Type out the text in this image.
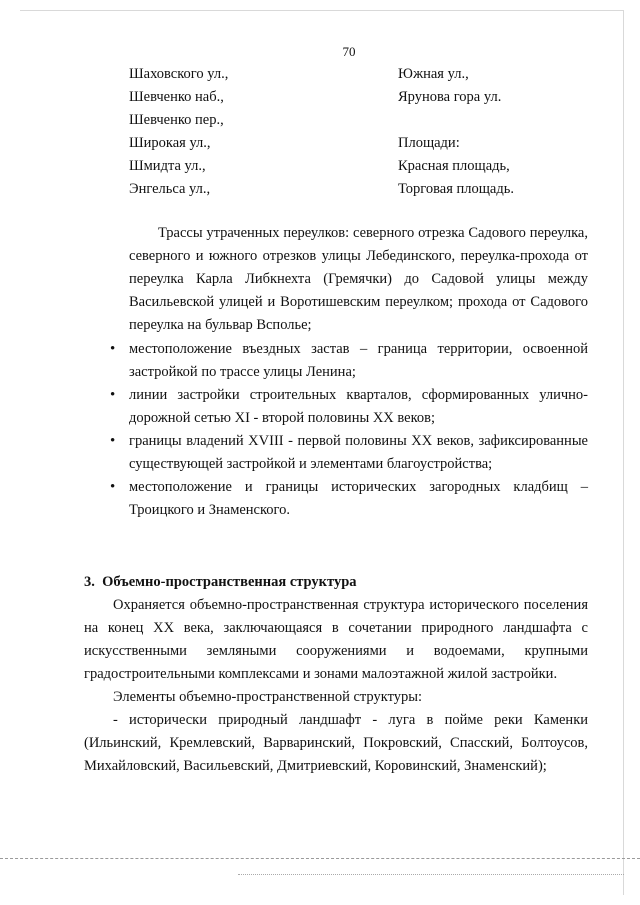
70
Шаховского ул.,
Шевченко наб.,
Шевченко пер.,
Широкая ул.,
Шмидта ул.,
Энгельса ул.,
Южная ул.,
Ярунова гора ул.
Площади:
Красная площадь,
Торговая площадь.
Трассы утраченных переулков: северного отрезка Садового переулка, северного и южного отрезков улицы Лебединского, переулка-прохода от переулка Карла Либкнехта (Гремячки) до Садовой улицы между Васильевской улицей и Воротишевским переулком; прохода от Садового переулка на бульвар Вспольe;
• местоположение въездных застав – граница территории, освоенной застройкой по трассе улицы Ленина;
• линии застройки строительных кварталов, сформированных улично-дорожной сетью XI - второй половины XX веков;
• границы владений XVIII - первой половины XX веков, зафиксированные существующей застройкой и элементами благоустройства;
• местоположение и границы исторических загородных кладбищ – Троицкого и Знаменского.
3. Объемно-пространственная структура

Охраняется объемно-пространственная структура исторического поселения на конец XX века, заключающаяся в сочетании природного ландшафта с искусственными земляными сооружениями и водоемами, крупными градостроительными комплексами и зонами малоэтажной жилой застройки.

Элементы объемно-пространственной структуры:

- исторически природный ландшафт - луга в пойме реки Каменки (Ильинский, Кремлевский, Варваринский, Покровский, Спасский, Болтоусов, Михайловский, Васильевский, Дмитриевский, Коровинский, Знаменский);
